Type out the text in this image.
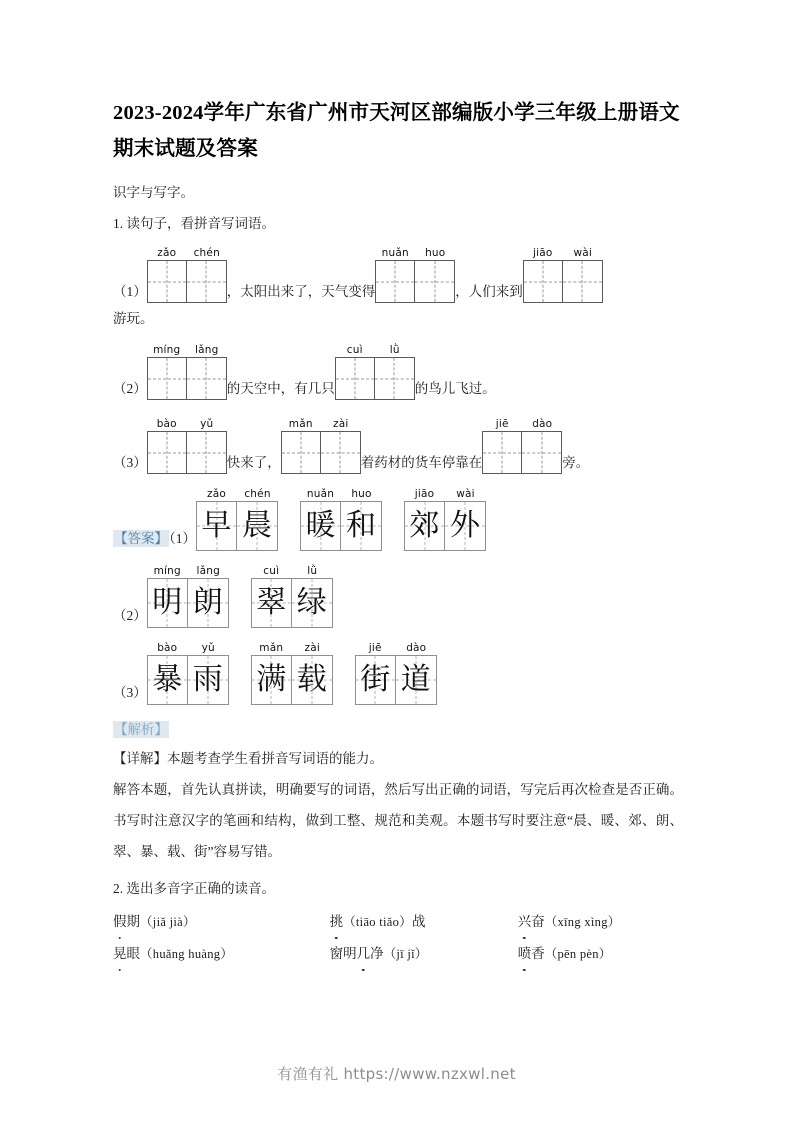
2023-2024学年广东省广州市天河区部编版小学三年级上册语文期末试题及答案

识字与写字。

1. 读句子，看拼音写词语。

（1）
zǎo	chén
，太阳出来了，天气变得
nuǎn	huo
，人们来到
jiāo	wài

游玩。

（2）
míng	lǎng
的天空中，有几只
cuì	lǜ
的鸟儿飞过。
（3）
bào	yǔ
快来了，
mǎn	zài
着药材的货车停靠在
jiē	dào
旁。
【答案】（1）
zǎo	chén
早 晨
nuǎn	huo
暖 和
jiāo	wài
郊 外
（2）
míng	lǎng
明 朗
cuì	lǜ
翠 绿
（3）
bào	yǔ
暴 雨
mǎn	zài
满 载
jiē	dào
街 道

【解析】

【详解】本题考查学生看拼音写词语的能力。

解答本题，首先认真拼读，明确要写的词语，然后写出正确的词语，写完后再次检查是否正确。书写时注意汉字的笔画和结构，做到工整、规范和美观。本题书写时要注意“晨、暖、郊、朗、翠、暴、载、街”容易写错。

2. 选出多音字正确的读音。

假期（jiǎ jià）	挑（tiāo tiǎo）战	兴奋（xīng xìng）
晃眼（huǎng huàng）	窗明几净（jī jǐ）	喷香（pēn pèn）
有渔有礼 https://www.nzxwl.net
